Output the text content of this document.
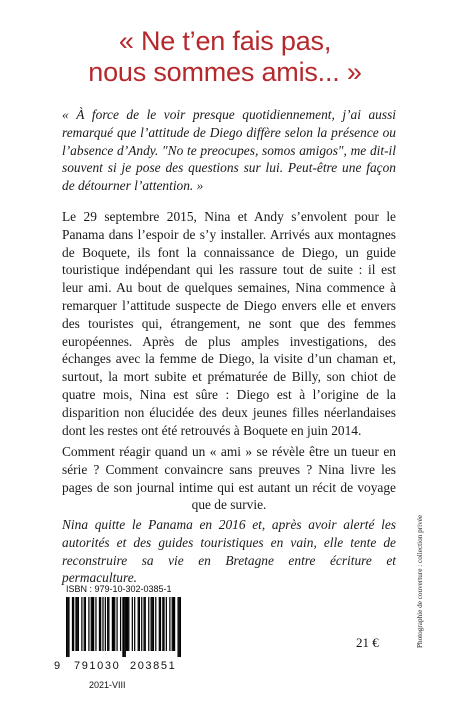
« Ne t’en fais pas,
nous sommes amis... »
« À force de le voir presque quotidiennement, j’ai aussi remarqué que l’attitude de Diego diffère selon la présence ou l’absence d’Andy. "No te preocupes, somos amigos", me dit-il souvent si je pose des questions sur lui. Peut-être une façon de détourner l’attention. »

Le 29 septembre 2015, Nina et Andy s’envolent pour le Panama dans l’espoir de s’y installer. Arrivés aux montagnes de Boquete, ils font la connaissance de Diego, un guide touristique indépendant qui les rassure tout de suite : il est leur ami. Au bout de quelques semaines, Nina commence à remarquer l’attitude suspecte de Diego envers elle et envers des touristes qui, étrangement, ne sont que des femmes européennes. Après de plus amples investigations, des échanges avec la femme de Diego, la visite d’un chaman et, surtout, la mort subite et prématurée de Billy, son chiot de quatre mois, Nina est sûre : Diego est à l’origine de la disparition non élucidée des deux jeunes filles néerlandaises dont les restes ont été retrouvés à Boquete en juin 2014.

Comment réagir quand un « ami » se révèle être un tueur en série ? Comment convaincre sans preuves ? Nina livre les pages de son journal intime qui est autant un récit de voyage que de survie.

Nina quitte le Panama en 2016 et, après avoir alerté les autorités et des guides touristiques en vain, elle tente de reconstruire sa vie en Bretagne entre écriture et permaculture.	Photographie de couverture : collection privée
ISBN : 979-10-302-0385-1
9 791030 203851
2021-VIII
21 €
